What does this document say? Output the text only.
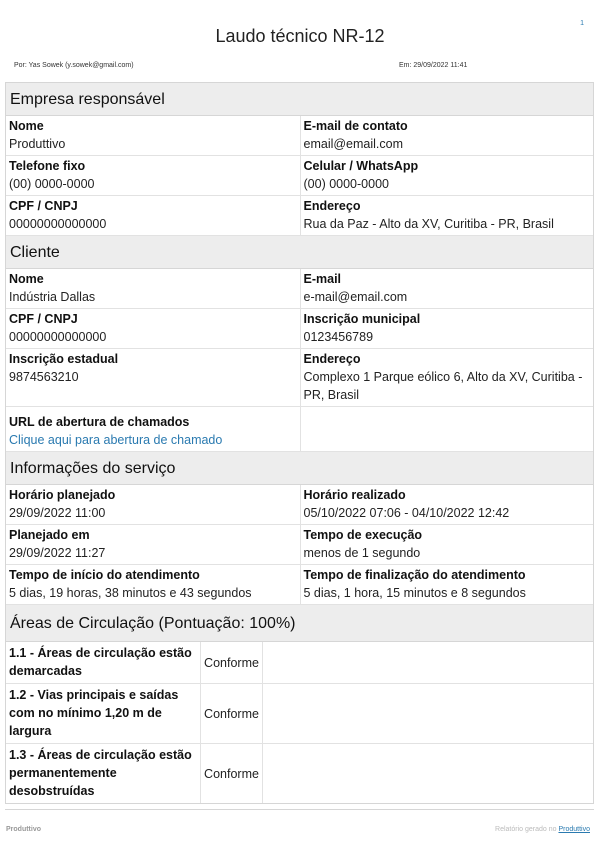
1
Laudo técnico NR-12
Por: Yas Sowek (y.sowek@gmail.com)	Em: 29/09/2022 11:41
Empresa responsável
Nome
Produttivo
E-mail de contato
email@email.com
Telefone fixo
(00) 0000-0000
Celular / WhatsApp
(00) 0000-0000
CPF / CNPJ
00000000000000
Endereço
Rua da Paz - Alto da XV, Curitiba - PR, Brasil
Cliente
Nome
Indústria Dallas
E-mail
e-mail@email.com
CPF / CNPJ
00000000000000
Inscrição municipal
0123456789
Inscrição estadual
9874563210
Endereço
Complexo 1 Parque eólico 6, Alto da XV, Curitiba - PR, Brasil
URL de abertura de chamados
Clique aqui para abertura de chamado
Informações do serviço
Horário planejado
29/09/2022 11:00
Horário realizado
05/10/2022 07:06 - 04/10/2022 12:42
Planejado em
29/09/2022 11:27
Tempo de execução
menos de 1 segundo
Tempo de início do atendimento
5 dias, 19 horas, 38 minutos e 43 segundos
Tempo de finalização do atendimento
5 dias, 1 hora, 15 minutos e 8 segundos
Áreas de Circulação (Pontuação: 100%)
1.1 - Áreas de circulação estão demarcadas
Conforme
1.2 - Vias principais e saídas com no mínimo 1,20 m de largura
Conforme
1.3 - Áreas de circulação estão permanentemente desobstruídas
Conforme
Produttivo	Relatório gerado no Produttivo
